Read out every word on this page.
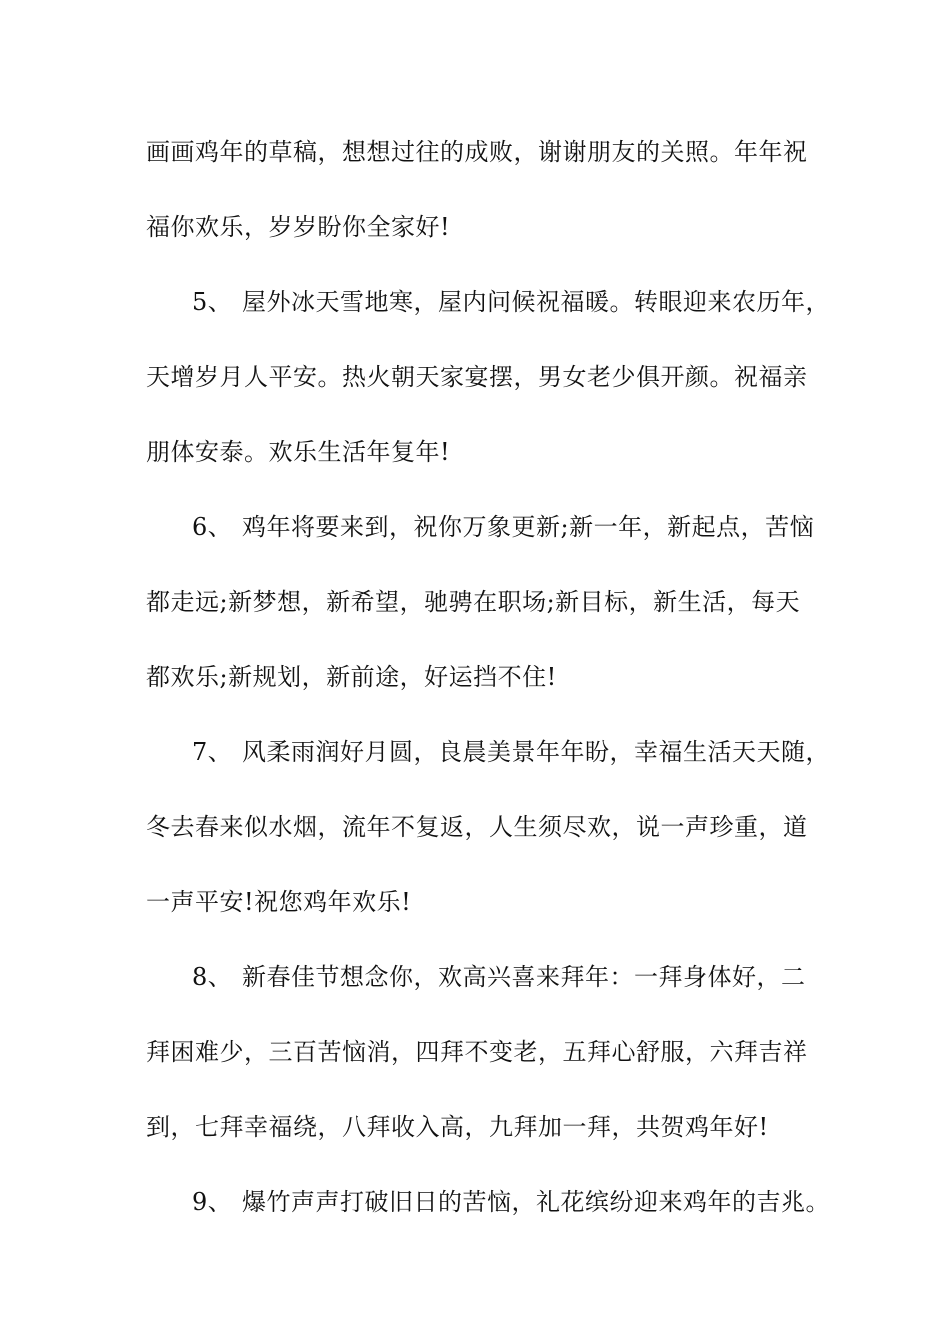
画画鸡年的草稿，想想过往的成败，谢谢朋友的关照。年年祝
福你欢乐，岁岁盼你全家好!
5、 屋外冰天雪地寒，屋内问候祝福暖。转眼迎来农历年，
天增岁月人平安。热火朝天家宴摆，男女老少俱开颜。祝福亲
朋体安泰。欢乐生活年复年!
6、 鸡年将要来到，祝你万象更新;新一年，新起点，苦恼
都走远;新梦想，新希望，驰骋在职场;新目标，新生活，每天
都欢乐;新规划，新前途，好运挡不住!
7、 风柔雨润好月圆，良晨美景年年盼，幸福生活天天随，
冬去春来似水烟，流年不复返，人生须尽欢，说一声珍重，道
一声平安!祝您鸡年欢乐!
8、 新春佳节想念你，欢高兴喜来拜年：一拜身体好，二
拜困难少，三百苦恼消，四拜不变老，五拜心舒服，六拜吉祥
到，七拜幸福绕，八拜收入高，九拜加一拜，共贺鸡年好!
9、 爆竹声声打破旧日的苦恼，礼花缤纷迎来鸡年的吉兆。
